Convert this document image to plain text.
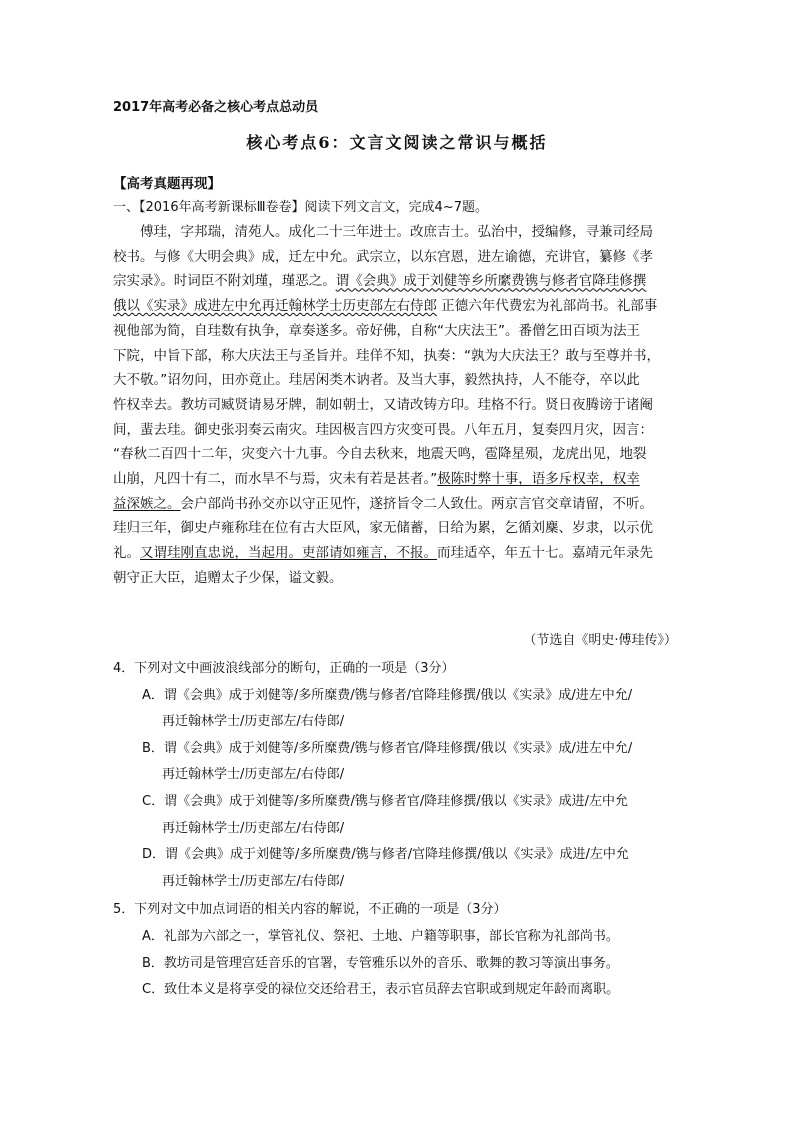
2017年高考必备之核心考点总动员
核心考点6：文言文阅读之常识与概括
【高考真题再现】
一、【2016年高考新课标Ⅲ卷卷】阅读下列文言文，完成4~7题。
傅珪，字邦瑞，清苑人。成化二十三年进士。改庶吉士。弘治中，授编修，寻兼司经局
校书。与修《大明会典》成，迁左中允。武宗立，以东宫恩，进左谕德，充讲官，纂修《孝
宗实录》。时词臣不附刘瑾，瑾恶之。谓《会典》成于刘健等乡所縻费镌与修者官降珪修撰
俄以《实录》成进左中允再迁翰林学士历吏部左右侍郎 正德六年代费宏为礼部尚书。礼部事
视他部为简，自珪数有执争，章奏遂多。帝好佛，自称“大庆法王”。番僧乞田百顷为法王
下院，中旨下部，称大庆法王与圣旨并。珪佯不知，执奏：“孰为大庆法王？敢与至尊并书，
大不敬。”诏勿问，田亦竟止。珪居闲类木讷者。及当大事，毅然执持，人不能夺，卒以此
忤权幸去。教坊司臧贤请易牙牌，制如朝士，又请改铸方印。珪格不行。贤日夜腾谤于诸阉
间，蜚去珪。御史张羽奏云南灾。珪因极言四方灾变可畏。八年五月，复奏四月灾，因言：
“春秋二百四十二年，灾变六十九事。今自去秋来，地震天鸣，雹降星殒，龙虎出见，地裂
山崩，凡四十有二，而水旱不与焉，灾未有若是甚者。”极陈时弊十事，语多斥权幸，权幸
益深嫉之。会户部尚书孙交亦以守正见忤，遂挤旨令二人致仕。两京言官交章请留，不听。
珪归三年，御史卢雍称珪在位有古大臣风，家无储蓄，日给为累，乞循刘麇、岁隶，以示优
礼。又谓珪刚直忠说，当起用。吏部请如雍言，不报。而珪适卒，年五十七。嘉靖元年录先
朝守正大臣，追赠太子少保，谥文毅。
（节选自《明史·傅珪传》）
4．下列对文中画波浪线部分的断句，正确的一项是（3分）
A．谓《会典》成于刘健等/多所糜费/镌与修者/官降珪修撰/俄以《实录》成/进左中允/
再迁翰林学士/历吏部左/右侍郎/
B．谓《会典》成于刘健等/多所糜费/镌与修者官/降珪修撰/俄以《实录》成/进左中允/
再迁翰林学士/历吏部左/右侍郎/
C．谓《会典》成于刘健等/多所糜费/镌与修者官/降珪修撰/俄以《实录》成进/左中允
再迁翰林学士/历吏部左/右侍郎/
D．谓《会典》成于刘健等/多所糜费/镌与修者/官降珪修撰/俄以《实录》成进/左中允
再迁翰林学士/历吏部左/右侍郎/
5．下列对文中加点词语的相关内容的解说，不正确的一项是（3分）
A．礼部为六部之一，掌管礼仪、祭祀、土地、户籍等职事，部长官称为礼部尚书。
B．教坊司是管理宫廷音乐的官署，专管雅乐以外的音乐、歌舞的教习等演出事务。
C．致仕本义是将享受的禄位交还给君王，表示官员辞去官职或到规定年龄而离职。
